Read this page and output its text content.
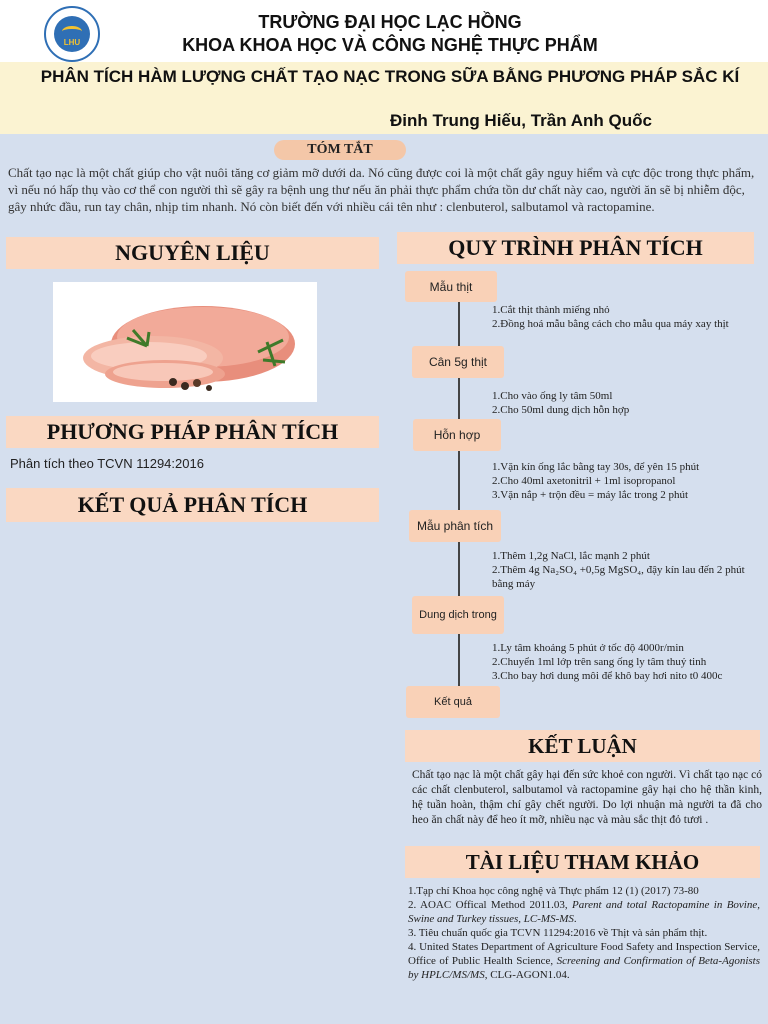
LHU
TRƯỜNG ĐẠI HỌC LẠC HỒNG
KHOA KHOA HỌC VÀ CÔNG NGHỆ THỰC PHẨM
PHÂN TÍCH HÀM LƯỢNG CHẤT TẠO NẠC TRONG SỮA BẰNG PHƯƠNG PHÁP SẮC KÍ
Đinh Trung Hiếu, Trần Anh Quốc
TÓM TẮT
Chất tạo nạc là một chất giúp cho vật nuôi tăng cơ giảm mỡ dưới da. Nó cũng được coi là một chất gây nguy hiểm và cực độc trong thực phẩm, vì nếu nó hấp thụ vào cơ thể con người thì sẽ gây ra bệnh ung thư nếu ăn phải thực phẩm chứa tồn dư chất này cao, người ăn sẽ bị nhiễm độc, gây nhức đầu, run tay chân, nhịp tim nhanh. Nó còn biết đến với nhiều cái tên như : clenbuterol, salbutamol và ractopamine.
NGUYÊN LIỆU
PHƯƠNG PHÁP PHÂN TÍCH
Phân tích theo TCVN 11294:2016
KẾT QUẢ PHÂN TÍCH
QUY TRÌNH PHÂN TÍCH
Mẫu thịt
Cân 5g thịt
Hỗn hợp
Mẫu phân tích
Dung dịch trong
Kết quả
1.Cắt thịt thành miếng nhỏ
2.Đồng hoá mẫu bằng cách cho mẫu qua máy xay thịt
1.Cho vào ống ly tâm 50ml
2.Cho 50ml dung dịch hỗn hợp
1.Vặn kín ống lắc bằng tay 30s, để yên 15 phút
2.Cho 40ml axetonitril + 1ml isopropanol
3.Vặn nắp + trộn đều = máy lắc trong 2 phút
1.Thêm 1,2g NaCl, lắc mạnh 2 phút
2.Thêm 4g Na₂SO₄ +0,5g MgSO₄, đậy kín lau đến 2 phút bằng máy
1.Ly tâm khoảng 5 phút ở tốc độ 4000r/min
2.Chuyển 1ml lớp trên sang ống ly tâm thuỷ tinh
3.Cho bay hơi dung môi để khô bay hơi nito t0 400c
KẾT LUẬN
Chất tạo nạc là một chất gây hại đến sức khoẻ con người. Vì chất tạo nạc có các chất clenbuterol, salbutamol và ractopamine gây hại cho hệ thần kinh, hệ tuần hoàn, thậm chí gây chết người. Do lợi nhuận mà người ta đã cho heo ăn chất này để heo ít mỡ, nhiều nạc và màu sắc thịt đỏ tươi .
TÀI LIỆU THAM KHẢO

1.Tạp chí Khoa học công nghệ và Thực phẩm 12 (1) (2017) 73-80

2. AOAC Offical Method 2011.03, Parent and total Ractopamine in Bovine, Swine and Turkey tissues, LC-MS-MS.

3. Tiêu chuẩn quốc gia TCVN 11294:2016 về Thịt và sản phẩm thịt.

4. United States Department of Agriculture Food Safety and Inspection Service, Office of Public Health Science, Screening and Confirmation of Beta-Agonists by HPLC/MS/MS, CLG-AGON1.04.
